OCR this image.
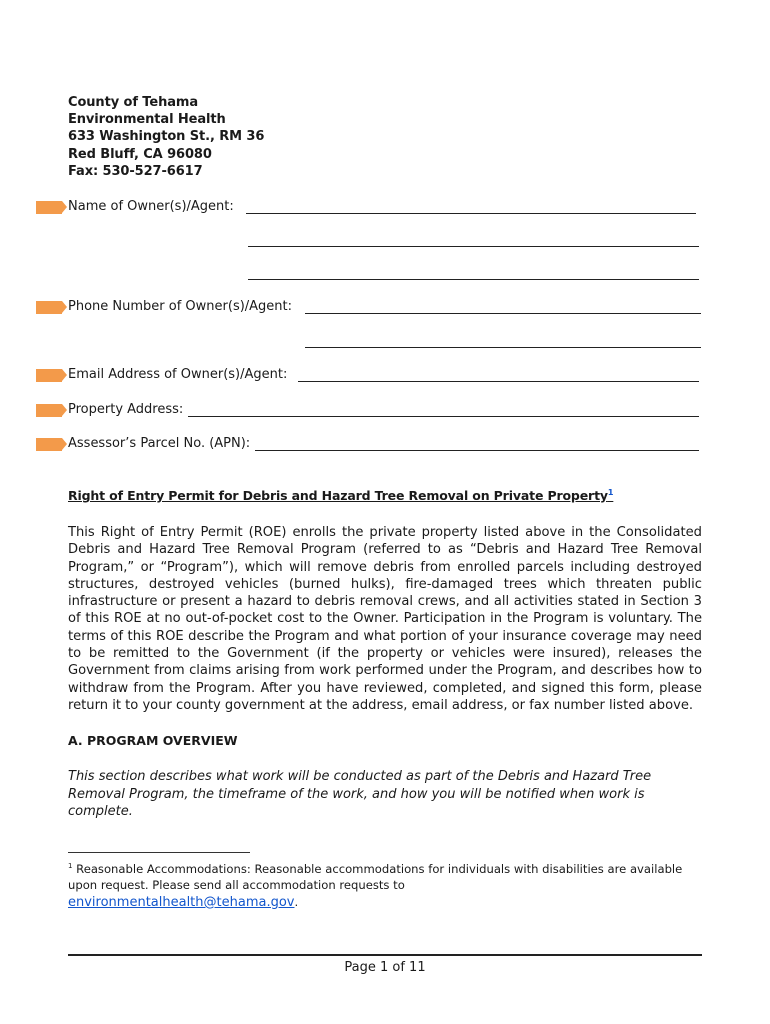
County of Tehama
Environmental Health
633 Washington St., RM 36
Red Bluff, CA 96080
Fax: 530-527-6617
Name of Owner(s)/Agent:
Phone Number of Owner(s)/Agent:
Email Address of Owner(s)/Agent:
Property Address:
Assessor’s Parcel No. (APN):
Right of Entry Permit for Debris and Hazard Tree Removal on Private Property$^1$
This Right of Entry Permit (ROE) enrolls the private property listed above in the Consolidated
Debris and Hazard Tree Removal Program (referred to as “Debris and Hazard Tree Removal
Program,” or “Program”), which will remove debris from enrolled parcels including destroyed
structures, destroyed vehicles (burned hulks), fire-damaged trees which threaten public
infrastructure or present a hazard to debris removal crews, and all activities stated in Section 3
of this ROE at no out-of-pocket cost to the Owner. Participation in the Program is voluntary. The
terms of this ROE describe the Program and what portion of your insurance coverage may need
to be remitted to the Government (if the property or vehicles were insured), releases the
Government from claims arising from work performed under the Program, and describes how to
withdraw from the Program. After you have reviewed, completed, and signed this form, please
return it to your county government at the address, email address, or fax number listed above.
A. PROGRAM OVERVIEW
This section describes what work will be conducted as part of the Debris and Hazard Tree Removal Program, the timeframe of the work, and how you will be notified when work is complete.
$^1$ Reasonable Accommodations: Reasonable accommodations for individuals with disabilities are available upon request. Please send all accommodation requests to
environmentalhealth@tehama.gov.
Page 1 of 11
